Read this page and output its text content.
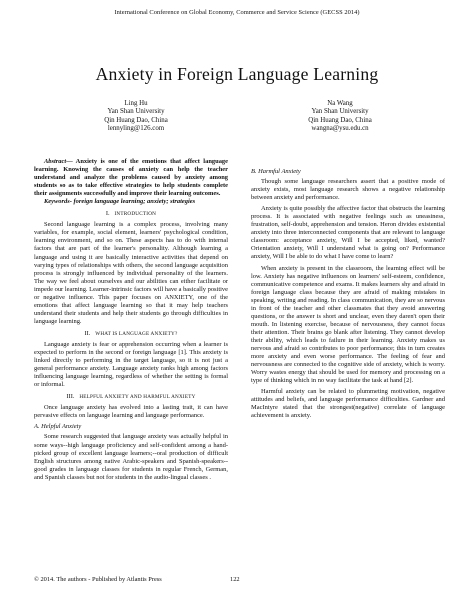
International Conference on Global Economy, Commerce and Service Science (GECSS 2014)
Anxiety in Foreign Language Learning
Ling Hu
Yan Shan University
Qin Huang Dao, China
lennyling@126.com
Na Wang
Yan Shan University
Qin Huang Dao, China
wangna@ysu.edu.cn

Abstract— Anxiety is one of the emotions that affect language learning. Knowing the causes of anxiety can help the teacher understand and analyze the problems caused by anxiety among students so as to take effective strategies to help students complete their assignments successfully and improve their learning outcomes.

Keywords- foreign language learning; anxiety; strategies

I. INTRODUCTION

Second language learning is a complex process, involving many variables, for example, social element, learners' psychological condition, learning environment, and so on. These aspects has to do with internal factors that are part of the learner's personality. Although learning a language and using it are basically interactive activities that depend on varying types of relationships with others, the second language acquisition process is strongly influenced by individual personality of the learners. The way we feel about ourselves and our abilities can either facilitate or impede our learning. Learner-intrinsic factors will have a basically positive or negative influence. This paper focuses on ANXIETY, one of the emotions that affect language learning so that it may help teachers understand their students and help their students go through difficulties in language learning.

II. WHAT IS LANGUAGE ANXIETY?

Language anxiety is fear or apprehension occurring when a learner is expected to perform in the second or foreign language [1]. This anxiety is linked directly to performing in the target language, so it is not just a general performance anxiety. Language anxiety ranks high among factors influencing language learning, regardless of whether the setting is formal or informal.

III. HELPFUL ANXIETY AND HARMFUL ANXIETY

Once language anxiety has evolved into a lasting trait, it can have pervasive effects on language learning and language performance.

A. Helpful Anxiety

Some research suggested that language anxiety was actually helpful in some ways--high language proficiency and self-confident among a hand-picked group of excellent language learners;--oral production of difficult English structures among native Arabic-speakers and Spanish-speakers--good grades in language classes for students in regular French, German, and Spanish classes but not for students in the audio-lingual classes .

B. Harmful Anxiety

Though some language researchers assert that a positive mode of anxiety exists, most language research shows a negative relationship between anxiety and performance.

Anxiety is quite possibly the affective factor that obstructs the learning process. It is associated with negative feelings such as uneasiness, frustration, self-doubt, apprehension and tension. Heron divides existential anxiety into three interconnected components that are relevant to language classroom: acceptance anxiety, Will I be accepted, liked, wanted? Orientation anxiety, Will I understand what is going on? Performance anxiety, Will I be able to do what I have come to learn?

When anxiety is present in the classroom, the learning effect will be low. Anxiety has negative influences on learners' self-esteem, confidence, communicative competence and exams. It makes learners shy and afraid in foreign language class because they are afraid of making mistakes in speaking, writing and reading. In class communication, they are so nervous in front of the teacher and other classmates that they avoid answering questions, or the answer is short and unclear, even they daren't open their mouth. In listening exercise, because of nervousness, they cannot focus their attention. Their brains go blank after listening. They cannot develop their ability, which leads to failure in their learning. Anxiety makes us nervous and afraid so contributes to poor performance; this in turn creates more anxiety and even worse performance. The feeling of fear and nervousness are connected to the cognitive side of anxiety, which is worry. Worry wastes energy that should be used for memory and processing on a type of thinking which in no way facilitate the task at hand [2].

Harmful anxiety can be related to plummeting motivation, negative attitudes and beliefs, and language performance difficulties. Gardner and MacIntyre stated that the strongest(negative) correlate of language achievement is anxiety.

© 2014. The authors - Published by Atlantis Press	122
